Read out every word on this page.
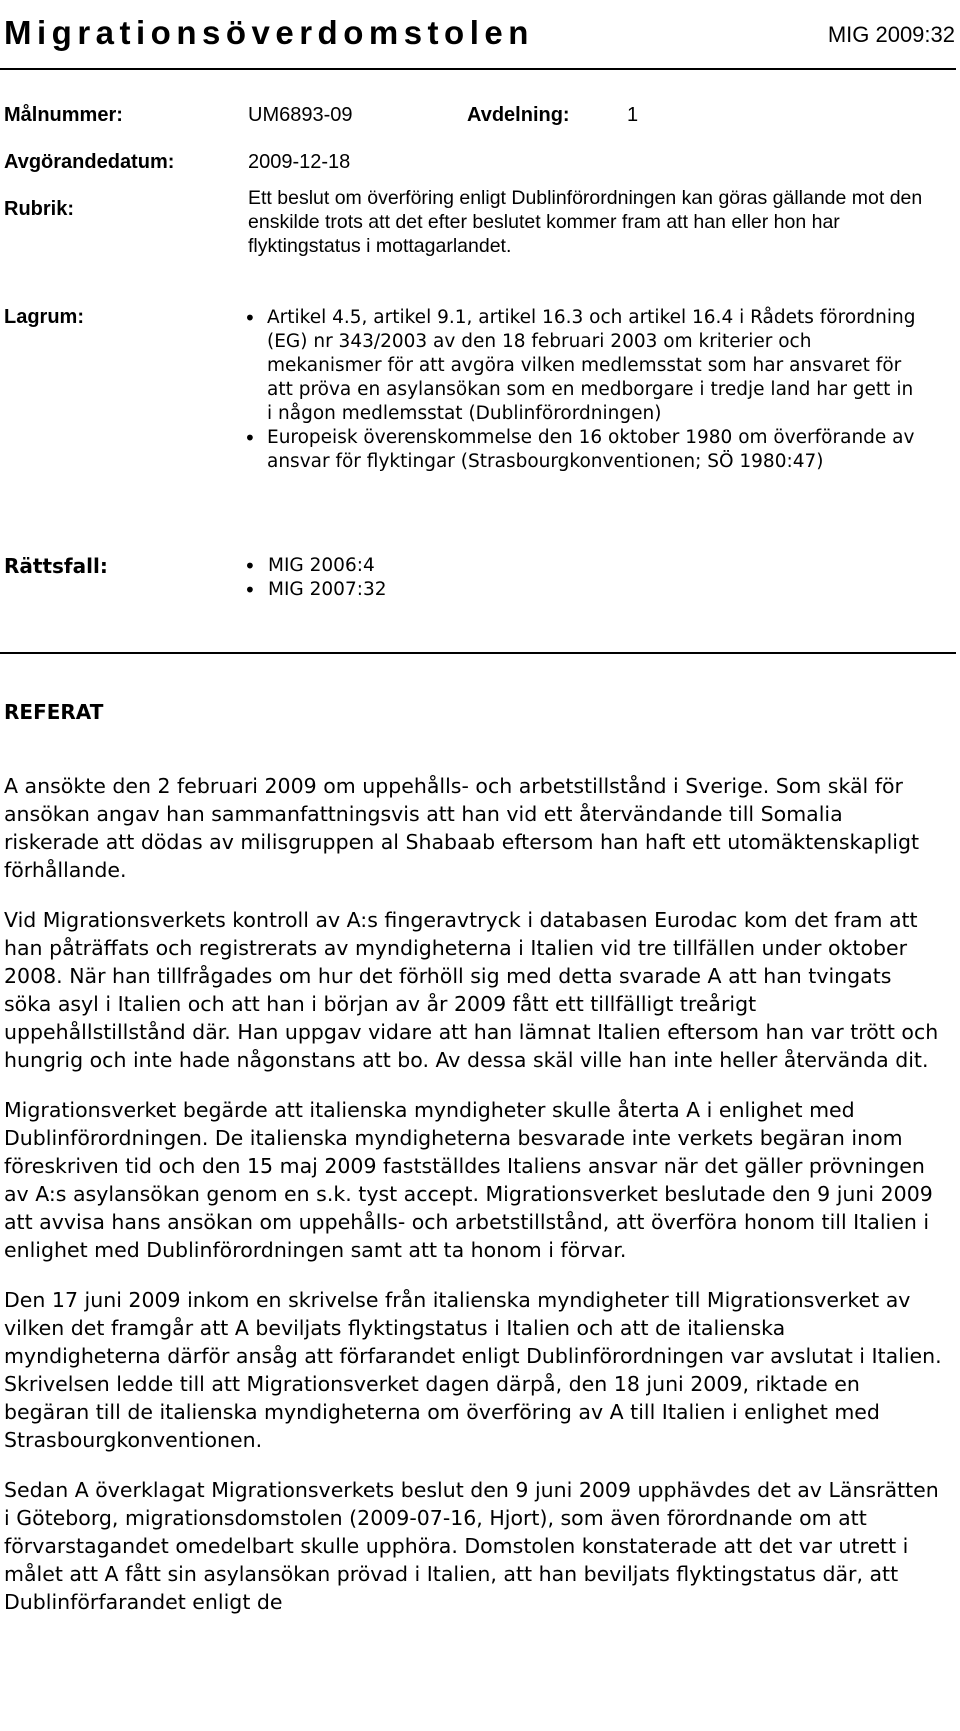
Migrationsöverdomstolen	MIG 2009:32
Målnummer:	UM6893-09	Avdelning:	1
Avgörandedatum:	2009-12-18
Rubrik:	Ett beslut om överföring enligt Dublinförordningen kan göras gällande mot den enskilde trots att det efter beslutet kommer fram att han eller hon har flyktingstatus i mottagarlandet.
Lagrum:	• Artikel 4.5, artikel 9.1, artikel 16.3 och artikel 16.4 i Rådets förordning (EG) nr 343/2003 av den 18 februari 2003 om kriterier och mekanismer för att avgöra vilken medlemsstat som har ansvaret för att pröva en asylansökan som en medborgare i tredje land har gett in i någon medlemsstat (Dublinförordningen)
• Europeisk överenskommelse den 16 oktober 1980 om överförande av ansvar för flyktingar (Strasbourgkonventionen; SÖ 1980:47)
Rättsfall:	• MIG 2006:4
• MIG 2007:32
REFERAT

A ansökte den 2 februari 2009 om uppehålls- och arbetstillstånd i Sverige. Som skäl för ansökan angav han sammanfattningsvis att han vid ett återvändande till Somalia riskerade att dödas av milisgruppen al Shabaab eftersom han haft ett utomäktenskapligt förhållande.

Vid Migrationsverkets kontroll av A:s fingeravtryck i databasen Eurodac kom det fram att han påträffats och registrerats av myndigheterna i Italien vid tre tillfällen under oktober 2008. När han tillfrågades om hur det förhöll sig med detta svarade A att han tvingats söka asyl i Italien och att han i början av år 2009 fått ett tillfälligt treårigt uppehållstillstånd där. Han uppgav vidare att han lämnat Italien eftersom han var trött och hungrig och inte hade någonstans att bo. Av dessa skäl ville han inte heller återvända dit.

Migrationsverket begärde att italienska myndigheter skulle återta A i enlighet med Dublinförordningen. De italienska myndigheterna besvarade inte verkets begäran inom föreskriven tid och den 15 maj 2009 fastställdes Italiens ansvar när det gäller prövningen av A:s asylansökan genom en s.k. tyst accept. Migrationsverket beslutade den 9 juni 2009 att avvisa hans ansökan om uppehålls- och arbetstillstånd, att överföra honom till Italien i enlighet med Dublinförordningen samt att ta honom i förvar.

Den 17 juni 2009 inkom en skrivelse från italienska myndigheter till Migrationsverket av vilken det framgår att A beviljats flyktingstatus i Italien och att de italienska myndigheterna därför ansåg att förfarandet enligt Dublinförordningen var avslutat i Italien. Skrivelsen ledde till att Migrationsverket dagen därpå, den 18 juni 2009, riktade en begäran till de italienska myndigheterna om överföring av A till Italien i enlighet med Strasbourgkonventionen.

Sedan A överklagat Migrationsverkets beslut den 9 juni 2009 upphävdes det av Länsrätten i Göteborg, migrationsdomstolen (2009-07-16, Hjort), som även förordnande om att förvarstagandet omedelbart skulle upphöra. Domstolen konstaterade att det var utrett i målet att A fått sin asylansökan prövad i Italien, att han beviljats flyktingstatus där, att Dublinförfarandet enligt de
